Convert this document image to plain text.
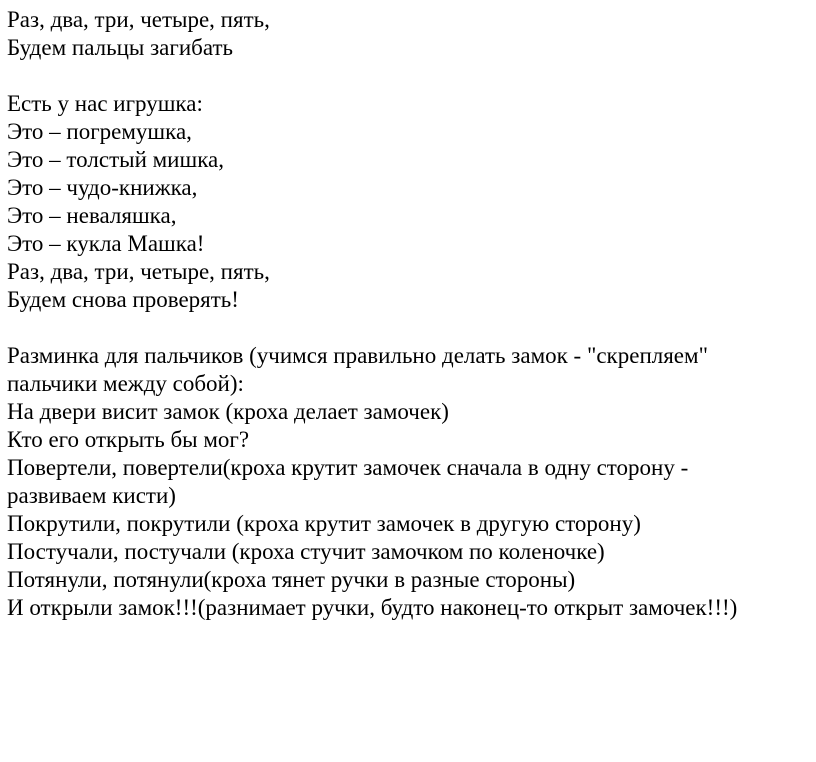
Раз, два, три, четыре, пять,
Будем пальцы загибать
Есть у нас игрушка:
Это – погремушка,
Это – толстый мишка,
Это – чудо-книжка,
Это – неваляшка,
Это – кукла Машка!
Раз, два, три, четыре, пять,
Будем снова проверять!
Разминка для пальчиков (учимся правильно делать замок - "скрепляем"
пальчики между собой):
На двери висит замок (кроха делает замочек)
Кто его открыть бы мог?
Повертели, повертели(кроха крутит замочек сначала в одну сторону -
развиваем кисти)
Покрутили, покрутили (кроха крутит замочек в другую сторону)
Постучали, постучали (кроха стучит замочком по коленочке)
Потянули, потянули(кроха тянет ручки в разные стороны)
И открыли замок!!!(разнимает ручки, будто наконец-то открыт замочек!!!)
